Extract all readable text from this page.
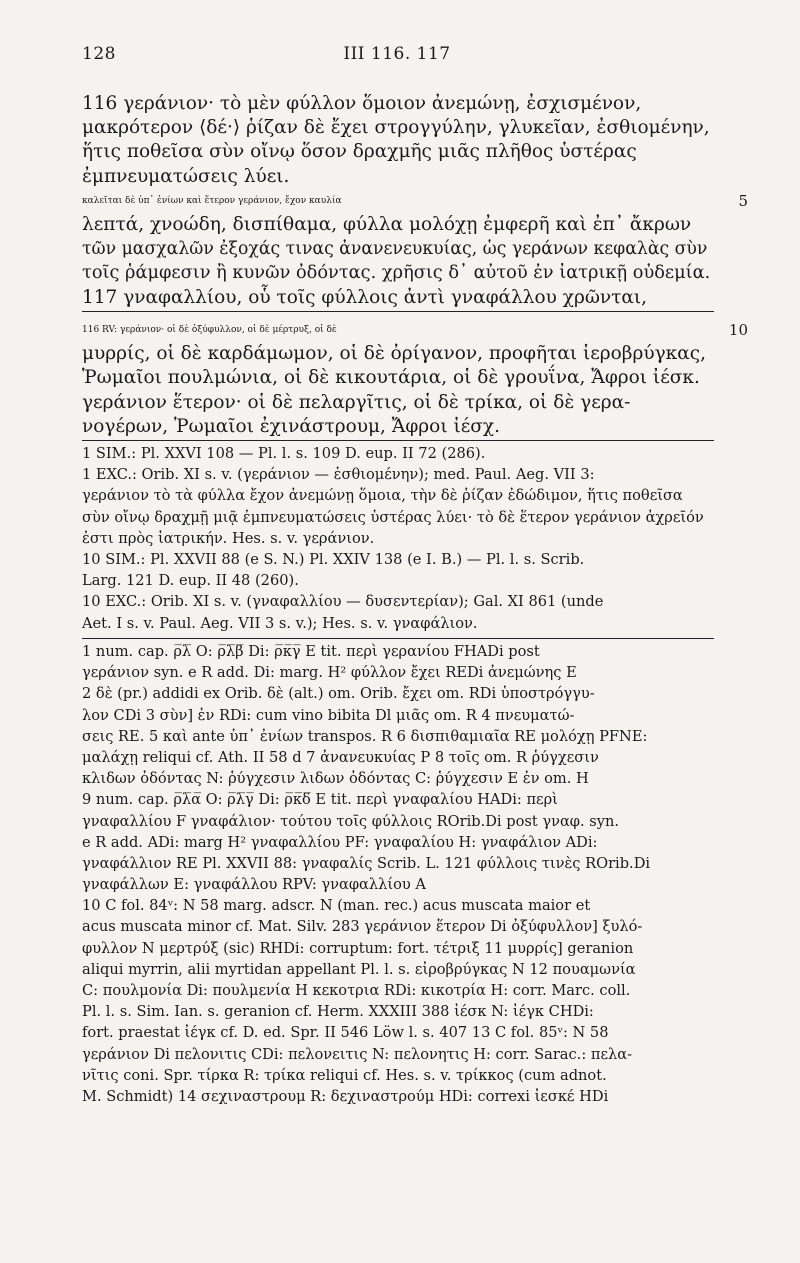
128	III 116. 117
116 γεράνιον· τὸ μὲν φύλλον ὅμοιον ἀνεμώνῃ, ἐσχισμένον,
μακρότερον ⟨δέ·⟩ ῥίζαν δὲ ἔχει στρογγύλην, γλυκεῖαν, ἐσθιομένην,
ἥτις ποθεῖσα σὺν οἴνῳ ὅσον δραχμῆς μιᾶς πλῆθος ὑστέρας
ἐμπνευματώσεις λύει.
καλεῖται δὲ ὑπ᾽ ἐνίων καὶ ἕτερον γεράνιον, ἔχον καυλία	5
λεπτά, χνοώδη, δισπίθαμα, φύλλα μολόχῃ ἐμφερῆ καὶ ἐπ᾽ ἄκρων
τῶν μασχαλῶν ἐξοχάς τινας ἀνανενευκυίας, ὡς γεράνων κεφαλὰς σὺν
τοῖς ῥάμφεσιν ἢ κυνῶν ὀδόντας. χρῆσις δ᾽ αὐτοῦ ἐν ἰατρικῇ οὐδεμία.
117 γναφαλλίου, οὗ τοῖς φύλλοις ἀντὶ γναφάλλου χρῶνται,
116 RV: γεράνιον· οἱ δὲ ὀξύφυλλον, οἱ δὲ μέρτρυξ, οἱ δὲ	10
μυρρίς, οἱ δὲ καρδάμωμον, οἱ δὲ ὀρίγανον, προφῆται ἱεροβρύγκας,
Ῥωμαῖοι πουλμώνια, οἱ δὲ κικουτάρια, οἱ δὲ γρουΐνα, Ἄφροι ἰέσκ.
γεράνιον ἕτερον· οἱ δὲ πελαργῖτις, οἱ δὲ τρίκα, οἱ δὲ γερα-
νογέρων, Ῥωμαῖοι ἐχινάστρουμ, Ἄφροι ἰέσχ.
1 SIM.: Pl. XXVI 108 — Pl. l. s. 109 D. eup. II 72 (286).
1 EXC.: Orib. XI s. v. (γεράνιον — ἐσθιομένην); med. Paul. Aeg. VII 3:
γεράνιον τὸ τὰ φύλλα ἔχον ἀνεμώνῃ ὅμοια, τὴν δὲ ῥίζαν ἐδώδιμον, ἥτις ποθεῖσα
σὺν οἴνῳ δραχμῇ μιᾷ ἐμπνευματώσεις ὑστέρας λύει· τὸ δὲ ἕτερον γεράνιον ἀχρεῖόν
ἐστι πρὸς ἰατρικήν. Hes. s. v. γεράνιον.
10 SIM.: Pl. XXVII 88 (e S. N.) Pl. XXIV 138 (e I. B.) — Pl. l. s. Scrib.
Larg. 121 D. eup. II 48 (260).
10 EXC.: Orib. XI s. v. (γναφαλλίου — δυσεντερίαν); Gal. XI 861 (unde
Aet. I s. v. Paul. Aeg. VII 3 s. v.); Hes. s. v. γναφάλιον.
1 num. cap. ρ̅λ̅ O: ρ̅λ̅β̅ Di: ρ̅κ̅γ̅ E tit. περὶ γερανίου FHADi post
γεράνιον syn. e R add. Di: marg. H² φύλλον ἔχει REDi ἀνεμώνης E
2 δὲ (pr.) addidi ex Orib. δὲ (alt.) om. Orib. ἔχει om. RDi ὑποστρόγγυ-
λον CDi 3 σὺν] ἐν RDi: cum vino bibita Dl μιᾶς om. R 4 πνευματώ-
σεις RE. 5 καὶ ante ὑπ᾽ ἐνίων transpos. R 6 δισπιθαμιαῖα RE μολόχῃ PFNE:
μαλάχῃ reliqui cf. Ath. II 58 d 7 ἀνανευκυίας P 8 τοῖς om. R ῥύγχεσιν
κλιδων ὀδόντας N: ῥύγχεσιν λιδων ὀδόντας C: ῥύγχεσιν E ἐν om. H
9 num. cap. ρ̅λ̅α̅ O: ρ̅λ̅γ̅ Di: ρ̅κ̅δ̅ E tit. περὶ γναφαλίου HADi: περὶ
γναφαλλίου F γναφάλιον· τούτου τοῖς φύλλοις ROrib.Di post γναφ. syn.
e R add. ADi: marg H² γναφαλλίου PF: γναφαλίου H: γναφάλιον ADi:
γναφάλλιον RE Pl. XXVII 88: γναφαλίς Scrib. L. 121 φύλλοις τινὲς ROrib.Di
γναφάλλων E: γναφάλλου RPV: γναφαλλίου A
10 C fol. 84ᵛ: N 58 marg. adscr. N (man. rec.) acus muscata maior et
acus muscata minor cf. Mat. Silv. 283 γεράνιον ἕτερον Di ὀξύφυλλον] ξυλό-
φυλλον N μερτρύξ (sic) RHDi: corruptum: fort. τέτριξ 11 μυρρίς] geranion
aliqui myrrin, alii myrtidan appellant Pl. l. s. εἰροβρύγκας N 12 πουαμωνία
C: πουλμονία Di: πουλμενία H κεκοτρια RDi: κικοτρία H: corr. Marc. coll.
Pl. l. s. Sim. Ian. s. geranion cf. Herm. XXXIII 388 ἰέσκ N: ἰέγκ CHDi:
fort. praestat ἰέγκ cf. D. ed. Spr. II 546 Löw l. s. 407 13 C fol. 85ᵛ: N 58
γεράνιον Di πελονιτις CDi: πελονειτις N: πελονητις H: corr. Sarac.: πελα-
νῖτις coni. Spr. τίρκα R: τρίκα reliqui cf. Hes. s. v. τρίκκος (cum adnot.
M. Schmidt) 14 σεχιναστρουμ R: δεχιναστρούμ HDi: correxi ἰεσκέ HDi
